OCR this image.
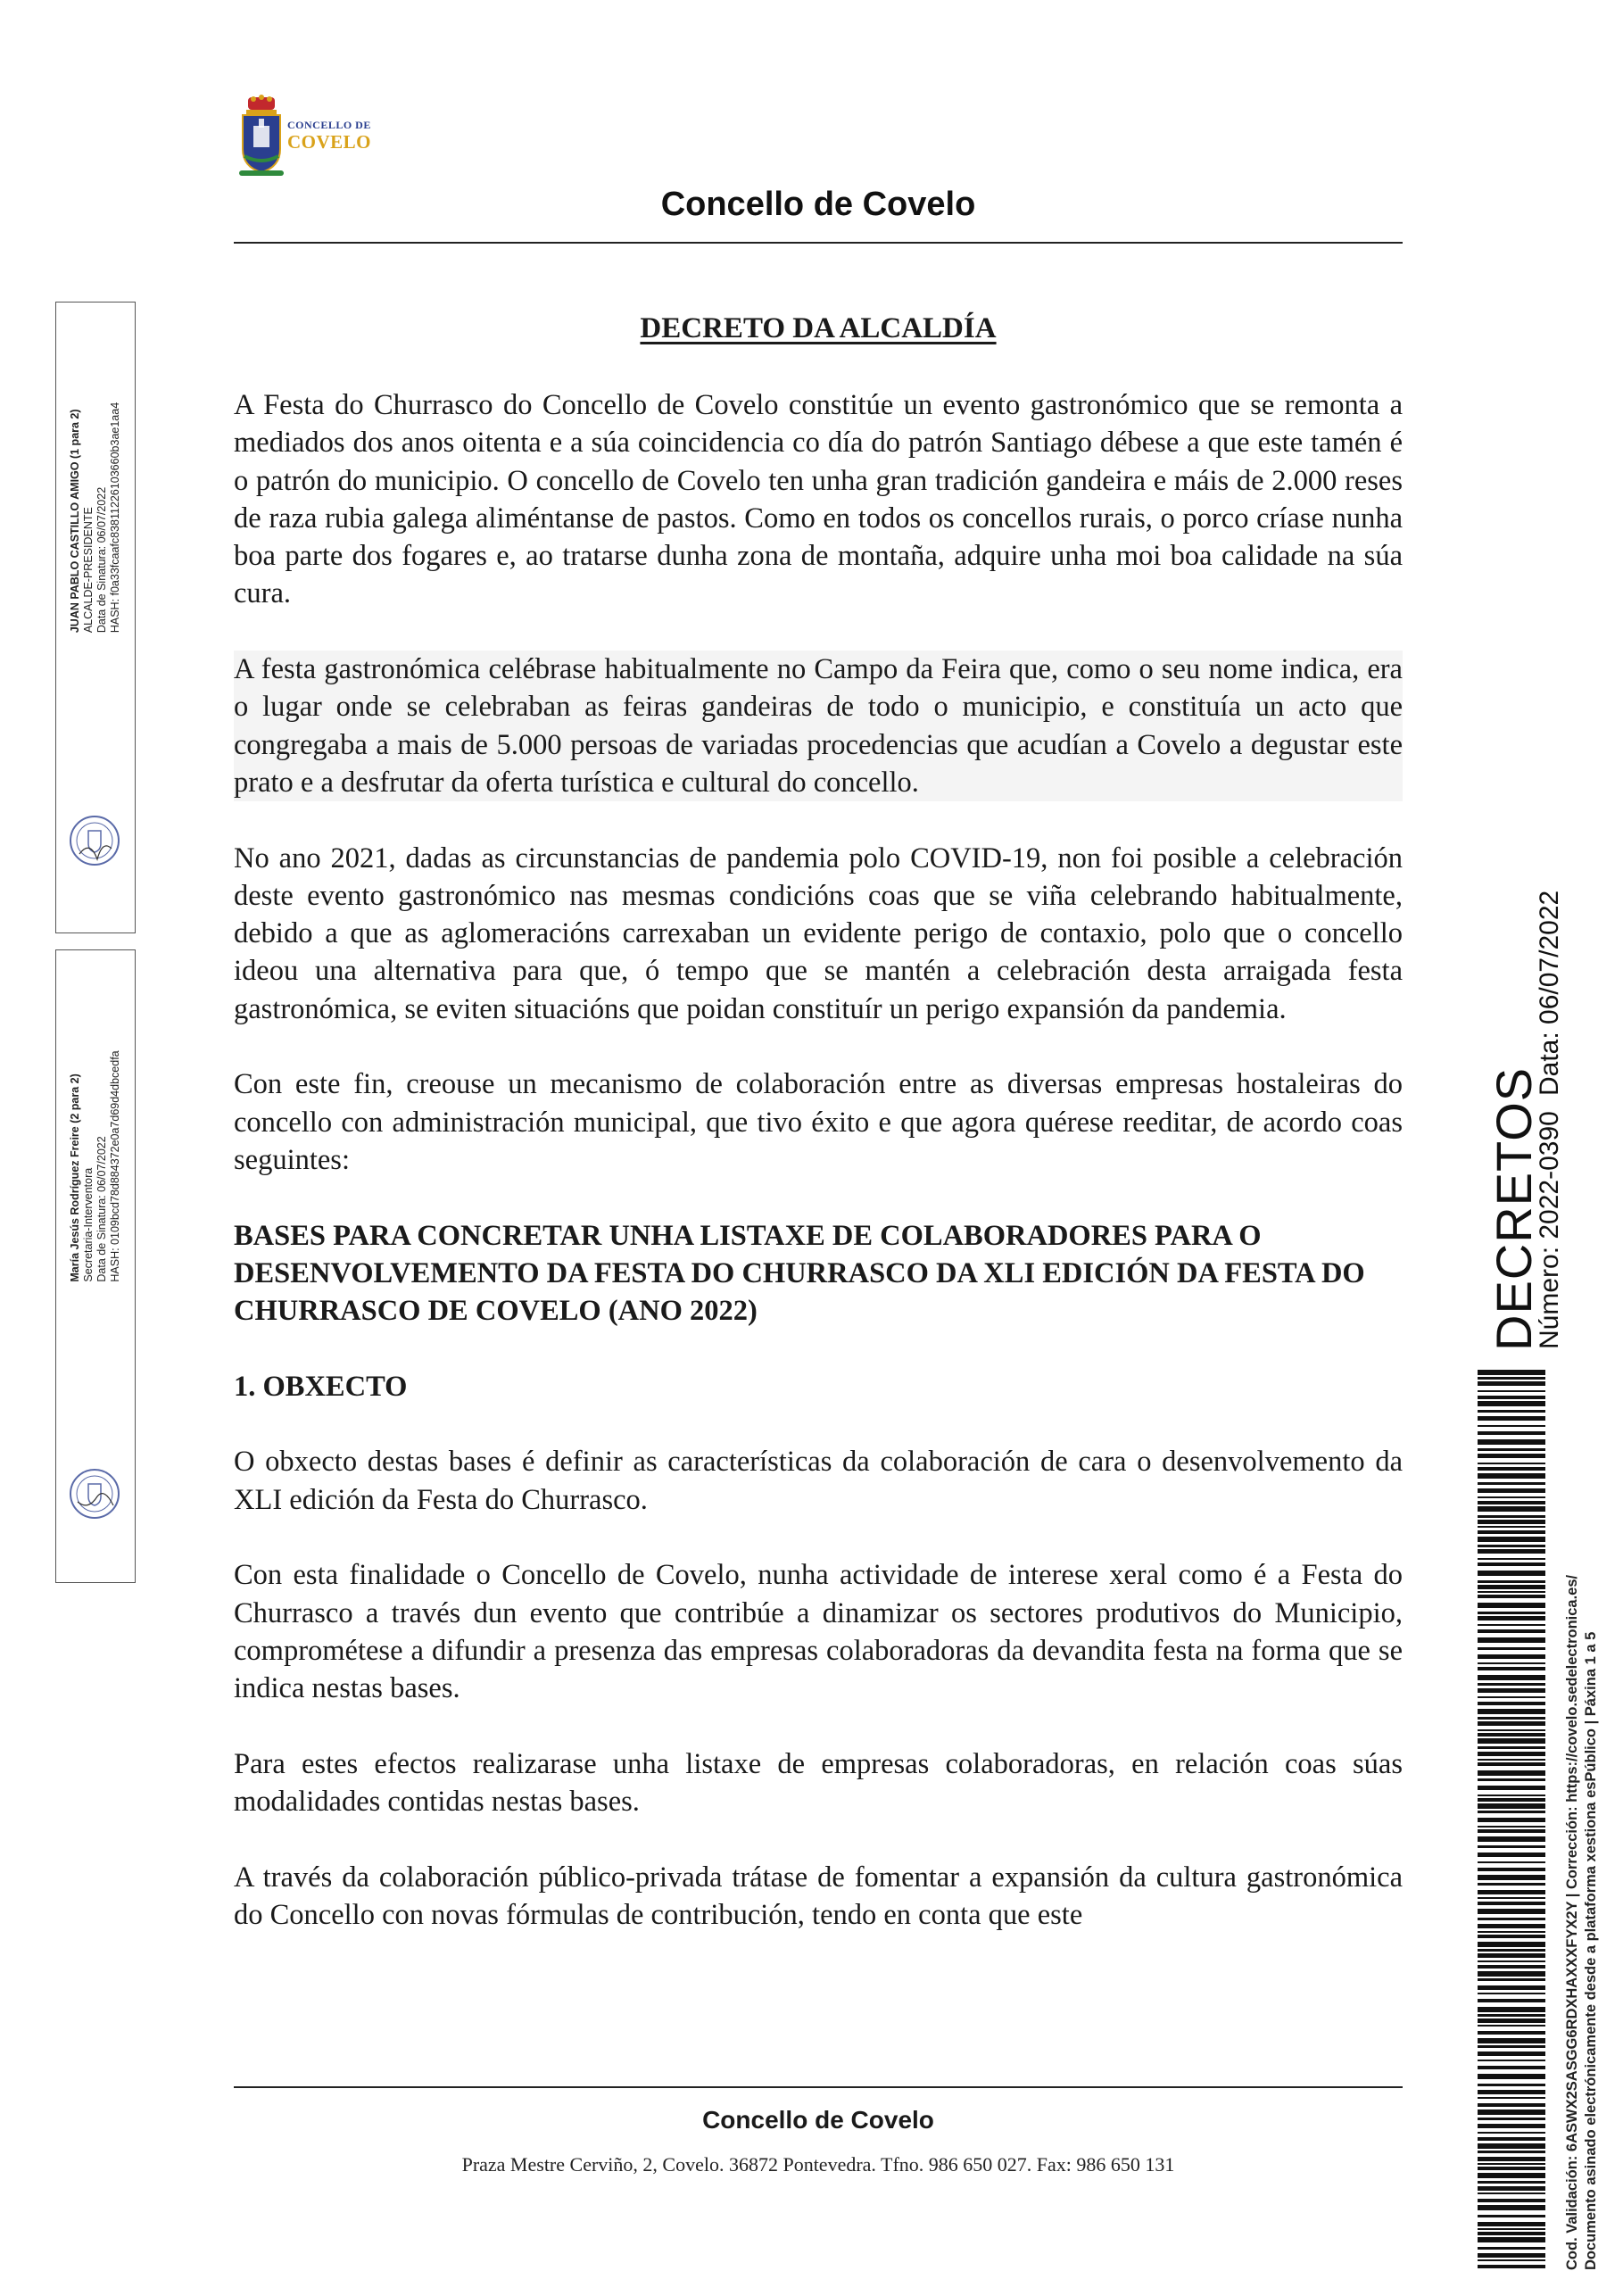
CONCELLO DE
COVELO
Concello de Covelo
DECRETO DA ALCALDÍA

A Festa do Churrasco do Concello de Covelo constitúe un evento gastronómico que se remonta a mediados dos anos oitenta e a súa coincidencia co día do patrón Santiago débese a que este tamén é o patrón do municipio. O concello de Covelo ten unha gran tradición gandeira e máis de 2.000 reses de raza rubia galega aliméntanse de pastos. Como en todos os concellos rurais, o porco críase nunha boa parte dos fogares e, ao tratarse dunha zona de montaña, adquire unha moi boa calidade na súa cura.

A festa gastronómica celébrase habitualmente no Campo da Feira que, como o seu nome indica, era o lugar onde se celebraban as feiras gandeiras de todo o municipio, e constituía un acto que congregaba a mais de 5.000 persoas de variadas procedencias que acudían a Covelo a degustar este prato e a desfrutar da oferta turística e cultural do concello.

No ano 2021, dadas as circunstancias de pandemia polo COVID-19, non foi posible a celebración deste evento gastronómico nas mesmas condicións coas que se viña celebrando habitualmente, debido a que as aglomeracións carrexaban un evidente perigo de contaxio, polo que o concello ideou una alternativa para que, ó tempo que se mantén a celebración desta arraigada festa gastronómica, se eviten situacións que poidan constituír un perigo expansión da pandemia.

Con este fin, creouse un mecanismo de colaboración entre as diversas empresas hostaleiras do concello con administración municipal, que tivo éxito e que agora quérese reeditar, de acordo coas seguintes:

BASES PARA CONCRETAR UNHA LISTAXE DE COLABORADORES PARA O DESENVOLVEMENTO DA FESTA DO CHURRASCO DA XLI EDICIÓN DA FESTA DO CHURRASCO DE COVELO (ANO 2022)

1. OBXECTO

O obxecto destas bases é definir as características da colaboración de cara o desenvolvemento da XLI edición da Festa do Churrasco.

Con esta finalidade o Concello de Covelo, nunha actividade de interese xeral como é a Festa do Churrasco a través dun evento que contribúe a dinamizar os sectores produtivos do Municipio, comprométese a difundir a presenza das empresas colaboradoras da devandita festa na forma que se indica nestas bases.

Para estes efectos realizarase unha listaxe de empresas colaboradoras, en relación coas súas modalidades contidas nestas bases.

A través da colaboración público-privada trátase de fomentar a expansión da cultura gastronómica do Concello con novas fórmulas de contribución, tendo en conta que este

Concello de Covelo
Praza Mestre Cerviño, 2, Covelo. 36872 Pontevedra. Tfno. 986 650 027. Fax: 986 650 131
JUAN PABLO CASTILLO AMIGO (1 para 2) ALCALDE-PRESIDENTE Data de Sinatura: 06/07/2022 HASH: f0a33fcaafc83811226103660b3ae1aa4
María Jesús Rodríguez Freire (2 para 2) Secretaria-Interventora Data de Sinatura: 06/07/2022 HASH: 0109bcd78d884372e0a7d69d4dbcedfa	DECRETOS
Número: 2022-0390
Data: 06/07/2022
Cod. Validación: 6ASWX2SASGG6RDXHAXXXFYX2Y | Corrección: https://covelo.sedelectronica.es/ Documento asinado electrónicamente desde a plataforma xestiona esPúblico | Páxina 1 a 5
